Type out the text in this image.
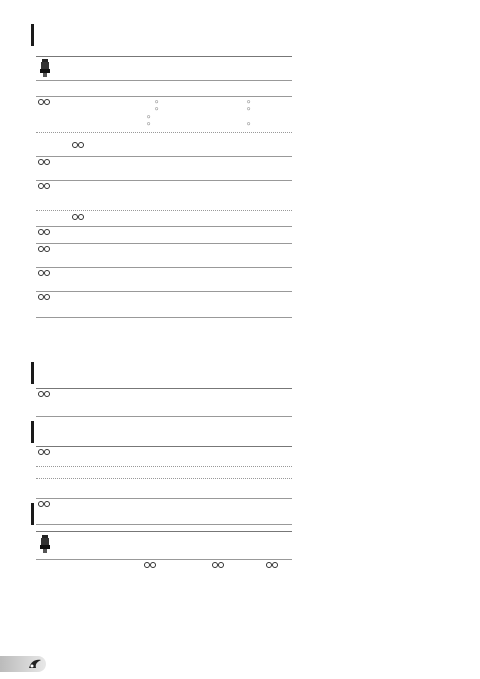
☼
☼
☼
☼
☼
☼

☼
